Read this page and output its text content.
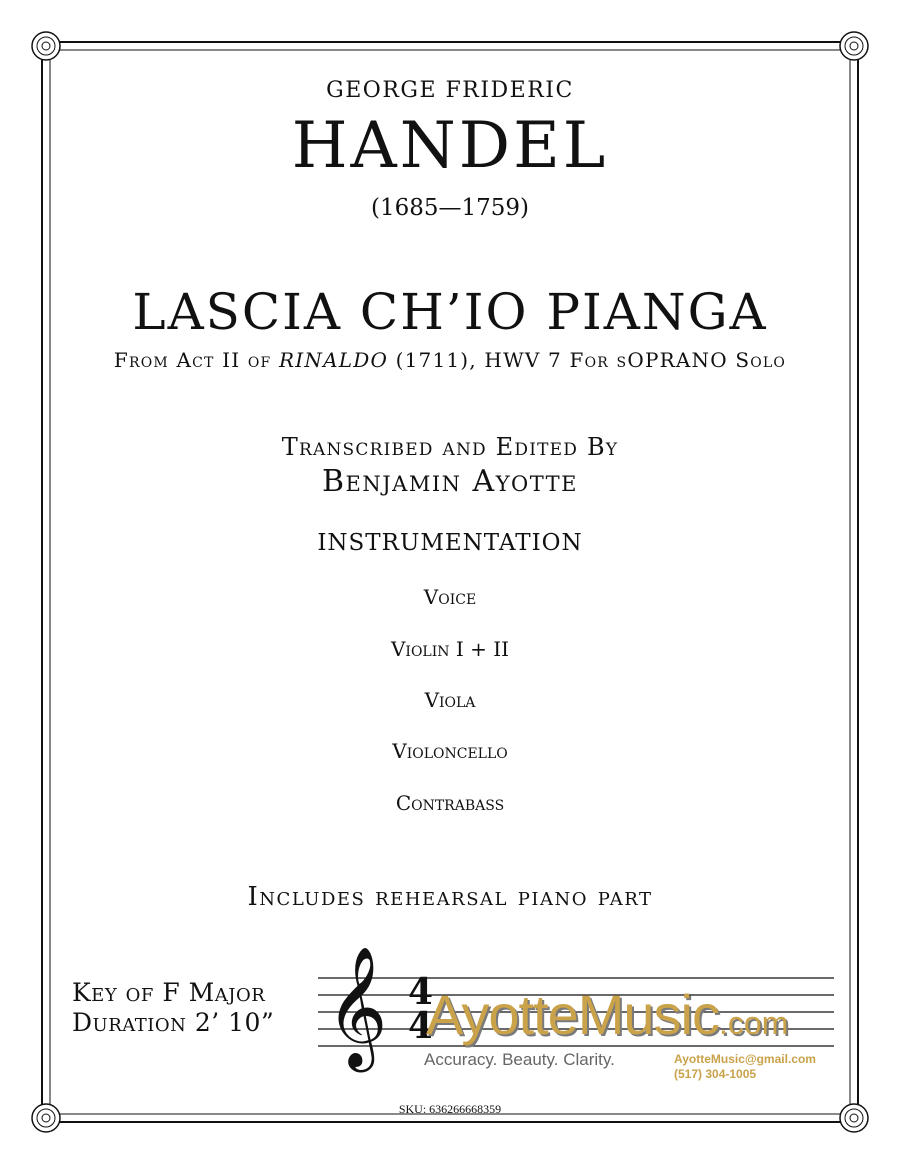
GEORGE FRIDERIC
HANDEL
(1685—1759)
LASCIA CH’IO PIANGA
From Act II of RINALDO (1711), HWV 7 For sOPRANO Solo
Transcribed and Edited By
Benjamin Ayotte
INSTRUMENTATION
Voice
Violin I + II
Viola
Violoncello
Contrabass
Includes rehearsal piano part
Key of F Major
Duration 2’ 10” 𝄞 4
4
AyotteMusic.com
Accuracy. Beauty. Clarity.	AyotteMusic@gmail.com
(517) 304-1005
SKU: 636266668359
